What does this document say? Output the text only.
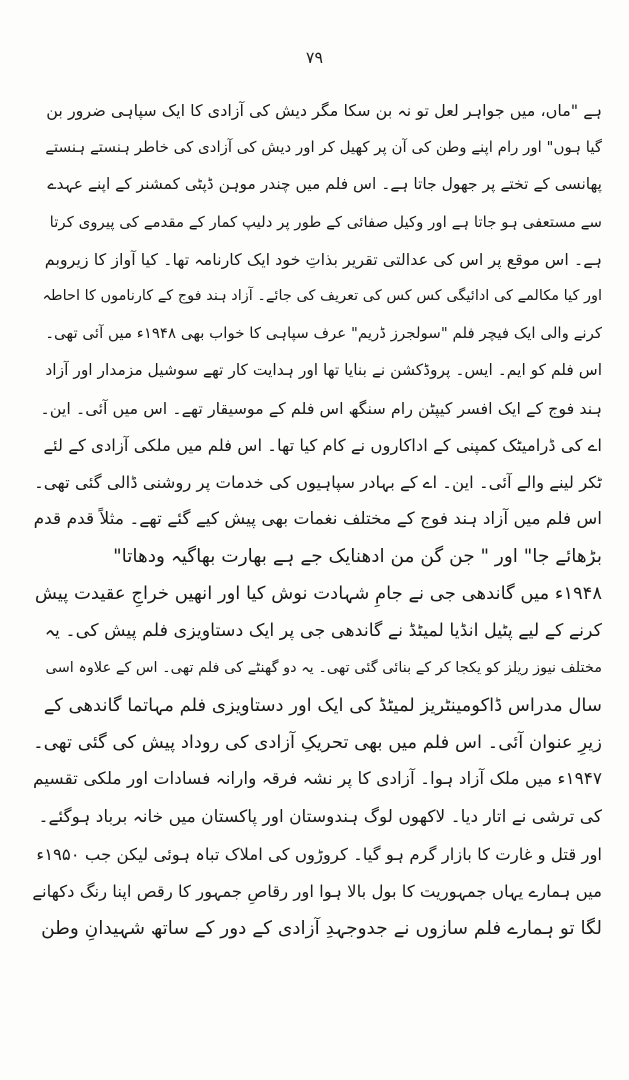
۷۹
ہے "ماں، میں جواہر لعل تو نہ بن سکا مگر دیش کی آزادی کا ایک سپاہی ضرور بن
گیا ہوں" اور رام اپنے وطن کی آن پر کھیل کر اور دیش کی آزادی کی خاطر ہنستے ہنستے
پھانسی کے تختے پر جھول جاتا ہے۔ اس فلم میں چندر موہن ڈپٹی کمشنر کے اپنے عہدے
سے مستعفی ہو جاتا ہے اور وکیل صفائی کے طور پر دلیپ کمار کے مقدمے کی پیروی کرتا
ہے۔ اس موقع پر اس کی عدالتی تقریر بذاتِ خود ایک کارنامہ تھا۔ کیا آواز کا زیروبم
اور کیا مکالمے کی ادائیگی کس کس کی تعریف کی جائے۔ آزاد ہند فوج کے کارناموں کا احاطہ
کرنے والی ایک فیچر فلم "سولجرز ڈریم" عرف سپاہی کا خواب بھی ۱۹۴۸ء میں آئی تھی۔
اس فلم کو ایم۔ ایس۔ پروڈکشن نے بنایا تھا اور ہدایت کار تھے سوشیل مزمدار اور آزاد
ہند فوج کے ایک افسر کیپٹن رام سنگھ اس فلم کے موسیقار تھے۔ اس میں آئی۔ این۔
اے کی ڈرامیٹک کمپنی کے اداکاروں نے کام کیا تھا۔ اس فلم میں ملکی آزادی کے لئے
ٹکر لینے والے آئی۔ این۔ اے کے بہادر سپاہیوں کی خدمات پر روشنی ڈالی گئی تھی۔
اس فلم میں آزاد ہند فوج کے مختلف نغمات بھی پیش کیے گئے تھے۔ مثلاً قدم قدم
بڑھائے جا" اور " جن گن من ادھنایک جے ہے بھارت بھاگیہ ودھاتا"
۱۹۴۸ء میں گاندھی جی نے جامِ شہادت نوش کیا اور انھیں خراجِ عقیدت پیش
کرنے کے لیے پٹیل انڈیا لمیٹڈ نے گاندھی جی پر ایک دستاویزی فلم پیش کی۔ یہ
مختلف نیوز ریلز کو یکجا کر کے بنائی گئی تھی۔ یہ دو گھنٹے کی فلم تھی۔ اس کے علاوہ اسی
سال مدراس ڈاکومینٹریز لمیٹڈ کی ایک اور دستاویزی فلم مہاتما گاندھی کے
زیرِ عنوان آئی۔ اس فلم میں بھی تحریکِ آزادی کی روداد پیش کی گئی تھی۔
۱۹۴۷ء میں ملک آزاد ہوا۔ آزادی کا پر نشہ فرقہ وارانہ فسادات اور ملکی تقسیم
کی ترشی نے اتار دیا۔ لاکھوں لوگ ہندوستان اور پاکستان میں خانہ برباد ہوگئے۔
اور قتل و غارت کا بازار گرم ہو گیا۔ کروڑوں کی املاک تباہ ہوئی لیکن جب ۱۹۵۰ء
میں ہمارے یہاں جمہوریت کا بول بالا ہوا اور رقاصِ جمہور کا رقص اپنا رنگ دکھانے
لگا تو ہمارے فلم سازوں نے جدوجہدِ آزادی کے دور کے ساتھ شہیدانِ وطن
